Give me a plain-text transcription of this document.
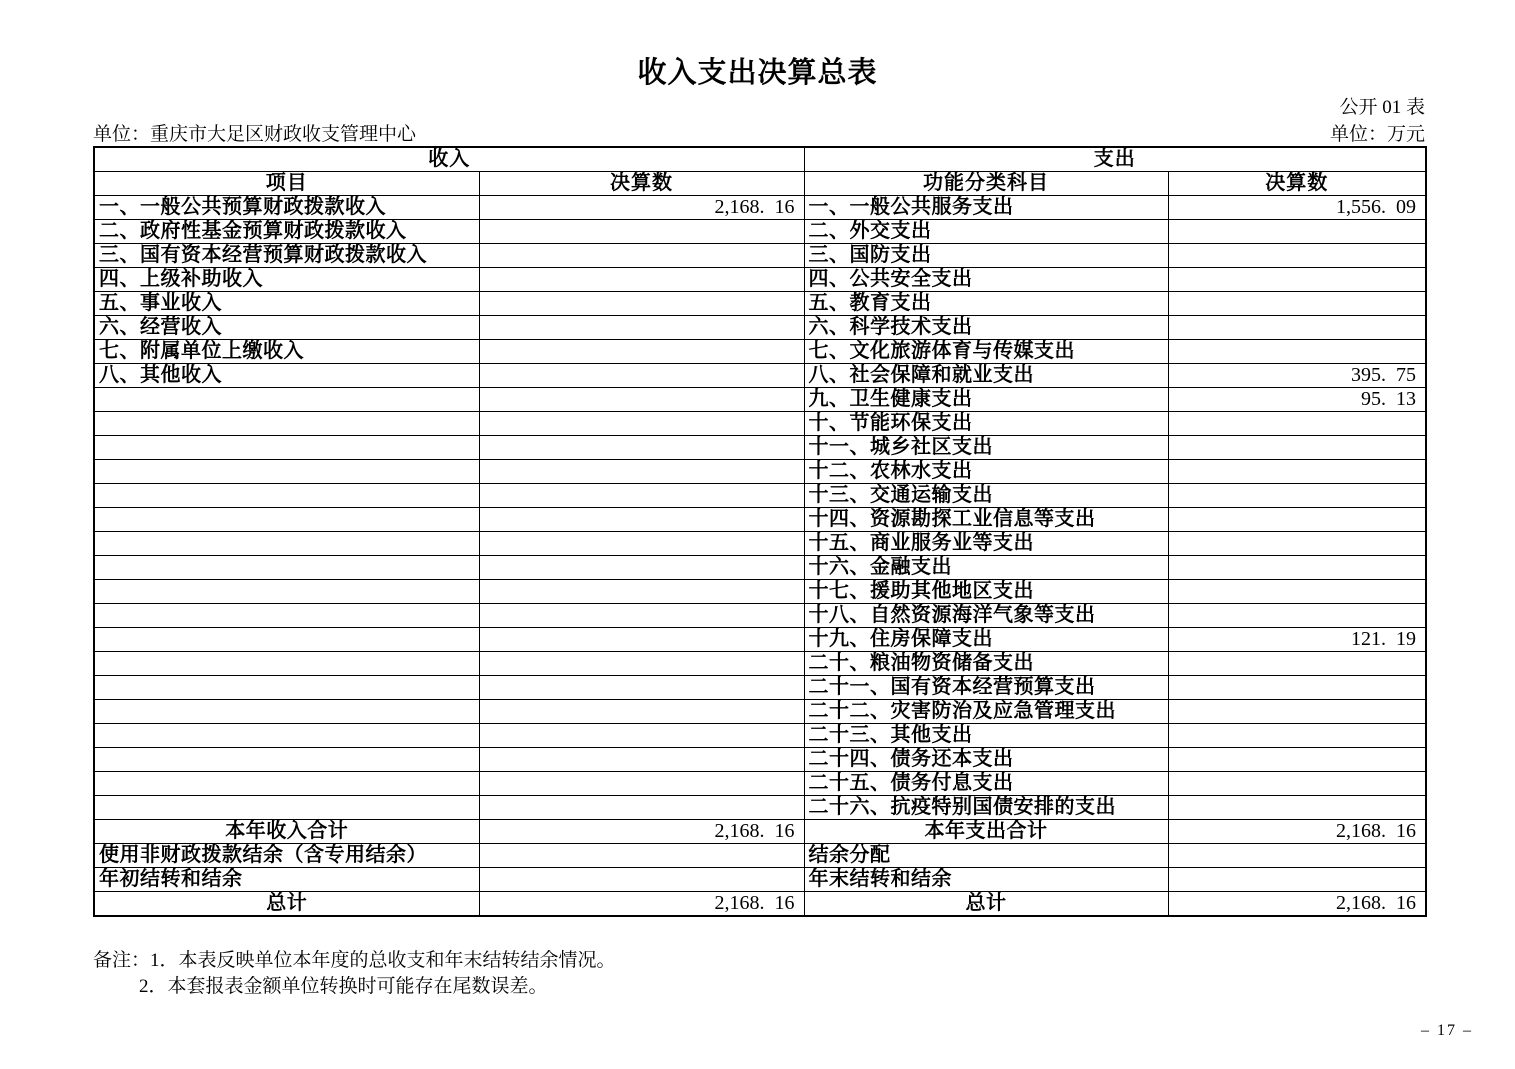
收入支出决算总表
公开 01 表
单位：重庆市大足区财政收支管理中心	单位：万元
收入		支出	
项目	决算数	功能分类科目	决算数
一、一般公共预算财政拨款收入	2,168.  16	一、一般公共服务支出	1,556.  09
二、政府性基金预算财政拨款收入		二、外交支出	
三、国有资本经营预算财政拨款收入		三、国防支出	
四、上级补助收入		四、公共安全支出	
五、事业收入		五、教育支出	
六、经营收入		六、科学技术支出	
七、附属单位上缴收入		七、文化旅游体育与传媒支出	
八、其他收入		八、社会保障和就业支出	395.  75
		九、卫生健康支出	95.  13
		十、节能环保支出	
		十一、城乡社区支出	
		十二、农林水支出	
		十三、交通运输支出	
		十四、资源勘探工业信息等支出	
		十五、商业服务业等支出	
		十六、金融支出	
		十七、援助其他地区支出	
		十八、自然资源海洋气象等支出	
		十九、住房保障支出	121.  19
		二十、粮油物资储备支出	
		二十一、国有资本经营预算支出	
		二十二、灾害防治及应急管理支出	
		二十三、其他支出	
		二十四、债务还本支出	
		二十五、债务付息支出	
		二十六、抗疫特别国债安排的支出	
本年收入合计	2,168.  16	本年支出合计	2,168.  16
使用非财政拨款结余（含专用结余）		结余分配	
年初结转和结余		年末结转和结余	
总计	2,168.  16	总计	2,168.  16
备注：1．本表反映单位本年度的总收支和年末结转结余情况。
2．本套报表金额单位转换时可能存在尾数误差。
– 17 –
